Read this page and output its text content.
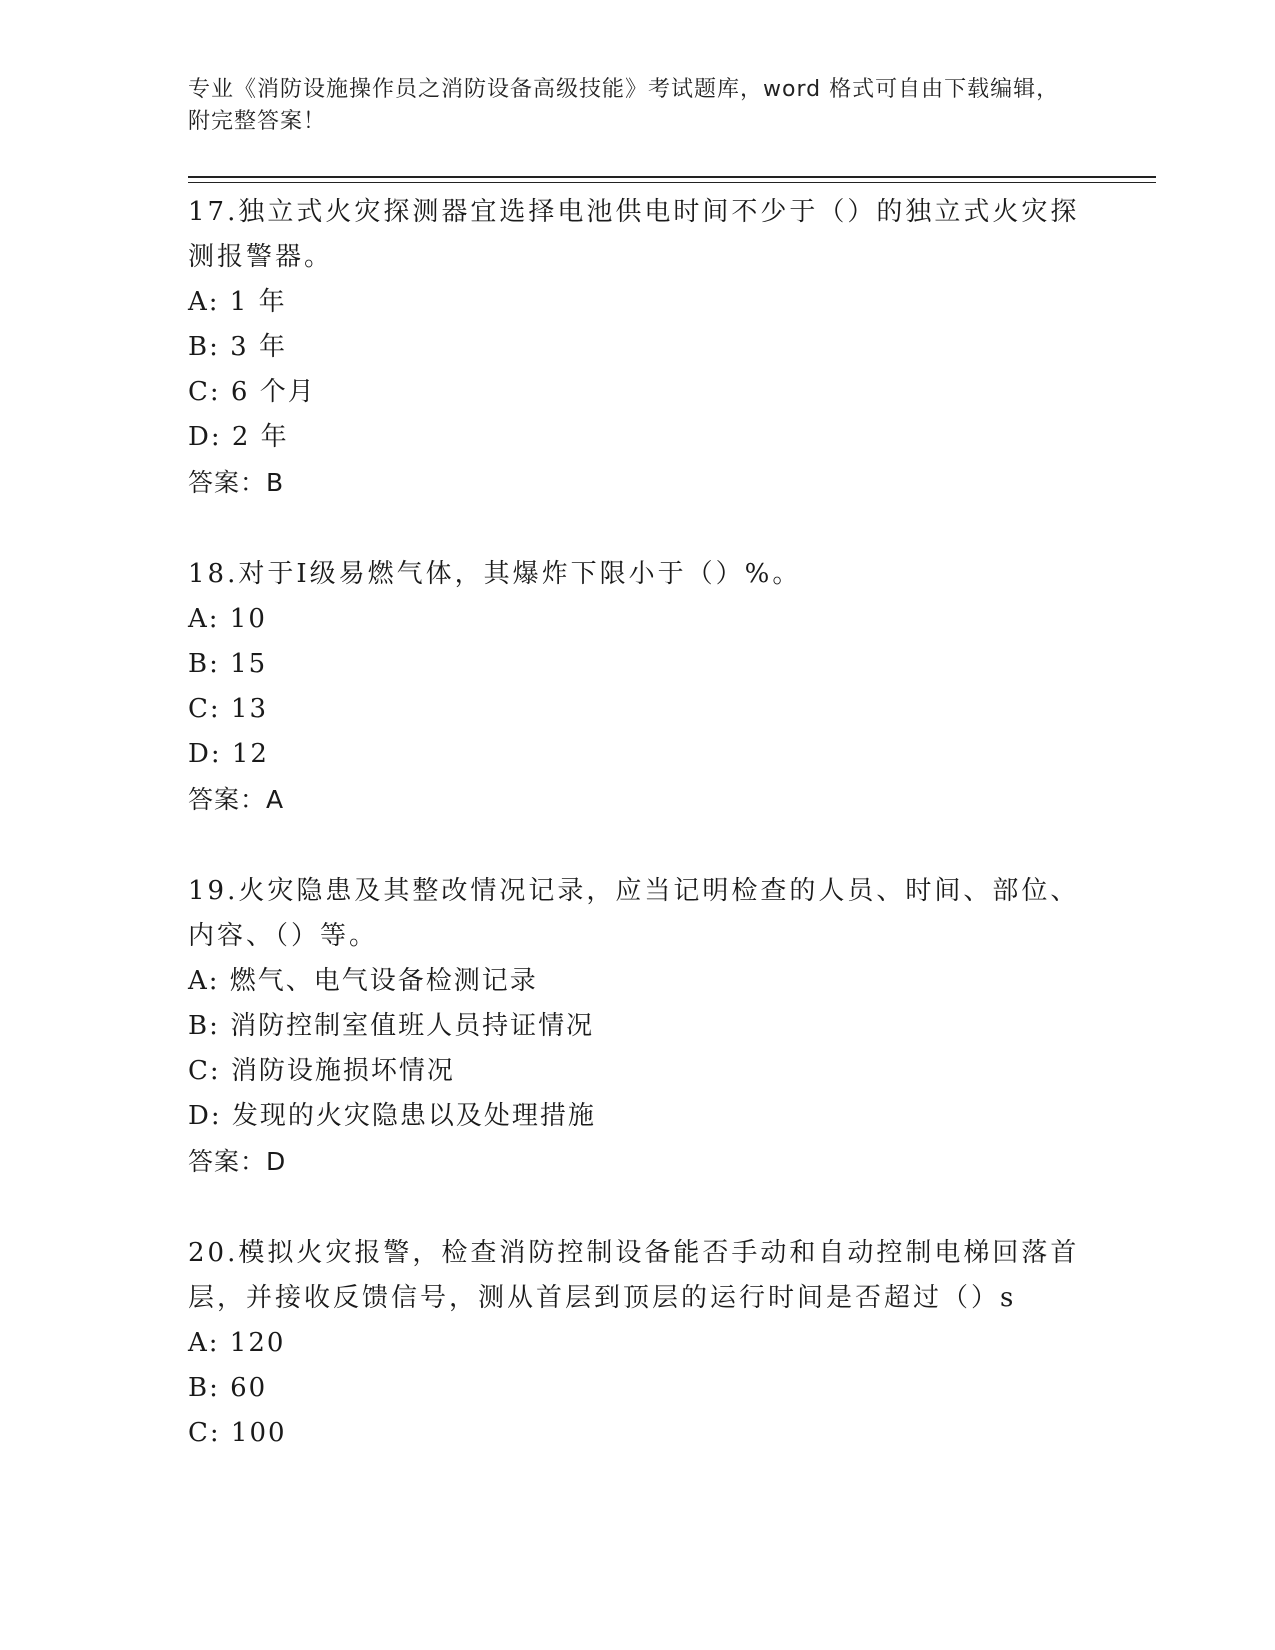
专业《消防设施操作员之消防设备高级技能》考试题库，word 格式可自由下载编辑，附完整答案！

17.独立式火灾探测器宜选择电池供电时间不少于（）的独立式火灾探测报警器。

A: 1 年

B: 3 年

C: 6 个月

D: 2 年

答案：B

18.对于Ⅰ级易燃气体，其爆炸下限小于（）%。

A: 10

B: 15

C: 13

D: 12

答案：A

19.火灾隐患及其整改情况记录，应当记明检查的人员、时间、部位、内容、（）等。

A: 燃气、电气设备检测记录

B: 消防控制室值班人员持证情况

C: 消防设施损坏情况

D: 发现的火灾隐患以及处理措施

答案：D

20.模拟火灾报警，检查消防控制设备能否手动和自动控制电梯回落首层，并接收反馈信号，测从首层到顶层的运行时间是否超过（）s

A: 120

B: 60

C: 100
